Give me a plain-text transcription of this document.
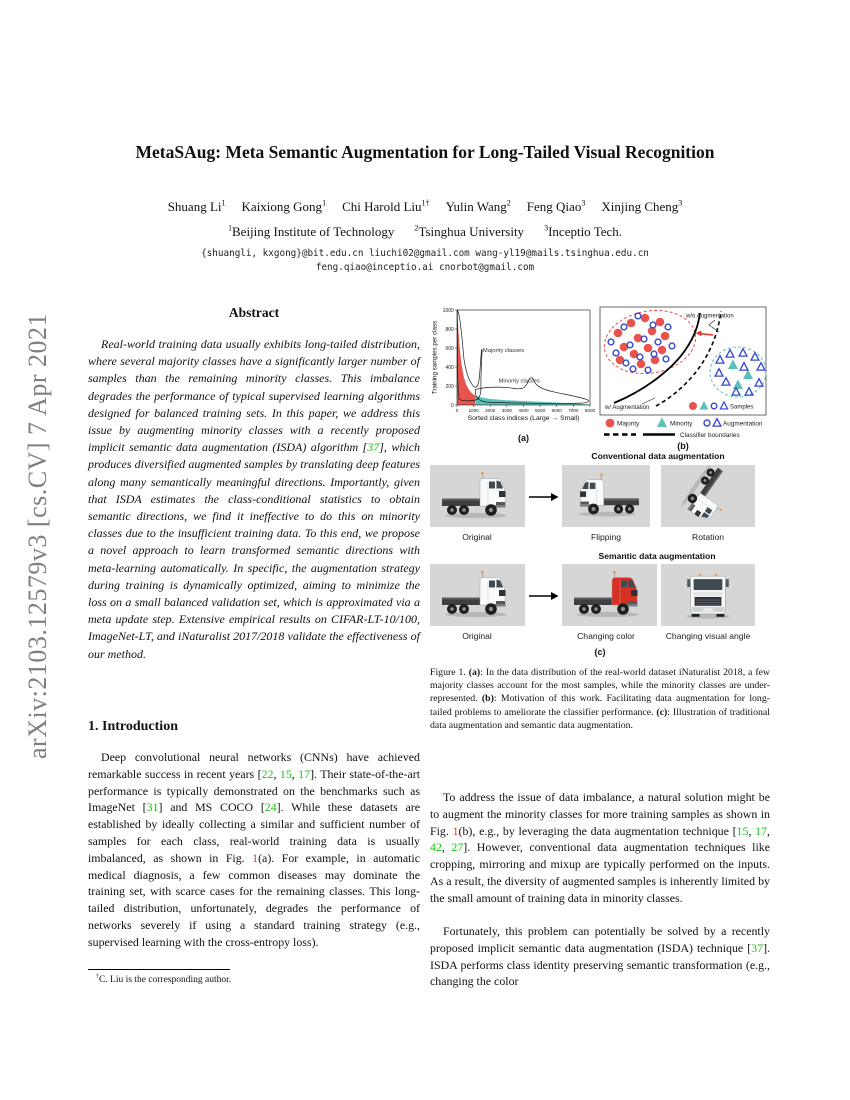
arXiv:2103.12579v3 [cs.CV] 7 Apr 2021
MetaSAug: Meta Semantic Augmentation for Long-Tailed Visual Recognition
Shuang Li$^1$ Kaixiong Gong$^1$ Chi Harold Liu$^{1\dagger}$ Yulin Wang$^2$ Feng Qiao$^3$ Xinjing Cheng$^3$
$^1$Beijing Institute of Technology $^2$Tsinghua University $^3$Inceptio Tech.
{shuangli, kxgong}@bit.edu.cn liuchi02@gmail.com wang-yl19@mails.tsinghua.edu.cn
feng.qiao@inceptio.ai cnorbot@gmail.com
Abstract
Real-world training data usually exhibits long-tailed distribution, where several majority classes have a significantly larger number of samples than the remaining minority classes. This imbalance degrades the performance of typical supervised learning algorithms designed for balanced training sets. In this paper, we address this issue by augmenting minority classes with a recently proposed implicit semantic data augmentation (ISDA) algorithm [37], which produces diversified augmented samples by translating deep features along many semantically meaningful directions. Importantly, given that ISDA estimates the class-conditional statistics to obtain semantic directions, we find it ineffective to do this on minority classes due to the insufficient training data. To this end, we propose a novel approach to learn transformed semantic directions with meta-learning automatically. In specific, the augmentation strategy during training is dynamically optimized, aiming to minimize the loss on a small balanced validation set, which is approximated via a meta update step. Extensive empirical results on CIFAR-LT-10/100, ImageNet-LT, and iNaturalist 2017/2018 validate the effectiveness of our method.
1. Introduction
Deep convolutional neural networks (CNNs) have achieved remarkable success in recent years [22, 15, 17]. Their state-of-the-art performance is typically demonstrated on the benchmarks such as ImageNet [31] and MS COCO [24]. While these datasets are established by ideally collecting a similar and sufficient number of samples for each class, real-world training data is usually imbalanced, as shown in Fig. 1(a). For example, in automatic medical diagnosis, a few common diseases may dominate the training set, with scarce cases for the remaining classes. This long-tailed distribution, unfortunately, degrades the performance of networks severely if using a standard training strategy (e.g., supervised learning with the cross-entropy loss).
†C. Liu is the corresponding author.
0
200
400
600
800
1000
0 1000 2000 3000 4000 5000 6000 7000 8000
Sorted class indices (Large → Small)
Training samples per class	Majority classes
Minority classes
(a)
w/o Augmentation
w/ Augmentation	Samples
Majority	Minority	Augmentation
Classifier boundaries
(b)
Conventional data augmentation
Original	Flipping	Rotation
Semantic data augmentation
Original	Changing color	Changing visual angle
(c)
Figure 1. (a): In the data distribution of the real-world dataset iNaturalist 2018, a few majority classes account for the most samples, while the minority classes are under-represented. (b): Motivation of this work. Facilitating data augmentation for long-tailed problems to ameliorate the classifier performance. (c): Illustration of traditional data augmentation and semantic data augmentation.
To address the issue of data imbalance, a natural solution might be to augment the minority classes for more training samples as shown in Fig. 1(b), e.g., by leveraging the data augmentation technique [15, 17, 42, 27]. However, conventional data augmentation techniques like cropping, mirroring and mixup are typically performed on the inputs. As a result, the diversity of augmented samples is inherently limited by the small amount of training data in minority classes.
Fortunately, this problem can potentially be solved by a recently proposed implicit semantic data augmentation (ISDA) technique [37]. ISDA performs class identity preserving semantic transformation (e.g., changing the color
